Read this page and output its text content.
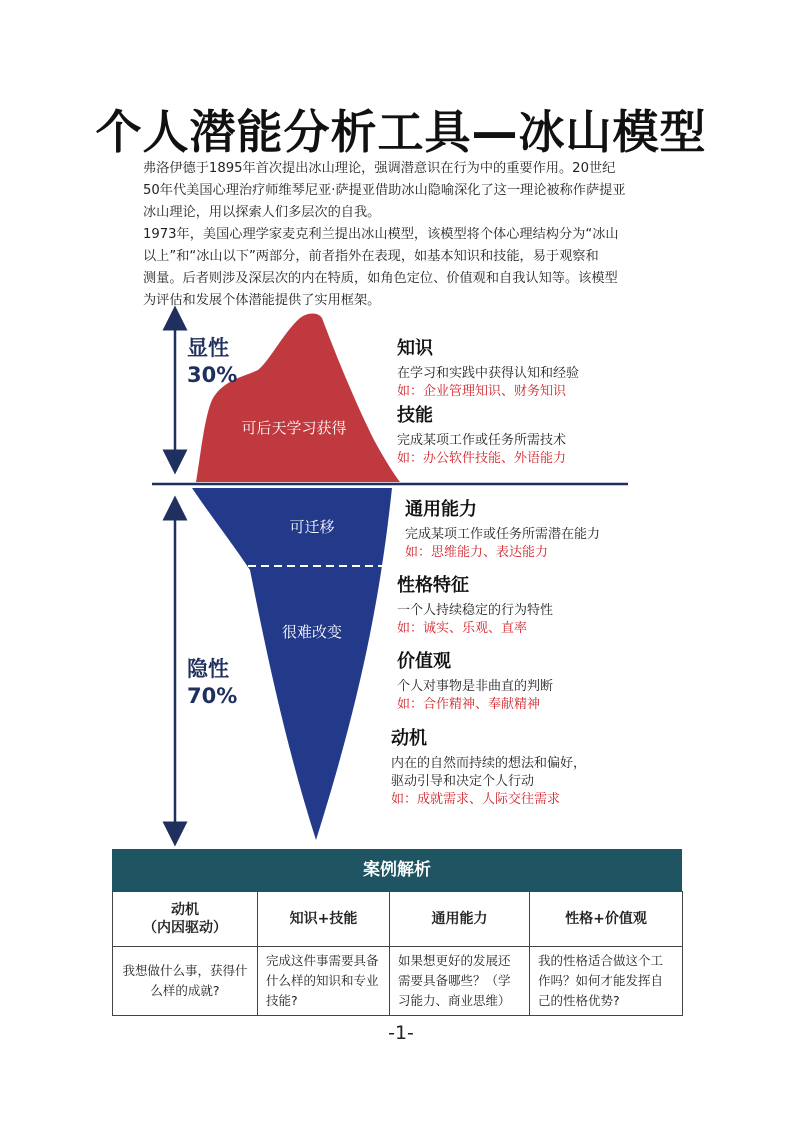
个人潜能分析工具—冰山模型

弗洛伊德于1895年首次提出冰山理论，强调潜意识在行为中的重要作用。20世纪

50年代美国心理治疗师维琴尼亚·萨提亚借助冰山隐喻深化了这一理论被称作萨提亚

冰山理论，用以探索人们多层次的自我。

1973年，美国心理学家麦克利兰提出冰山模型，该模型将个体心理结构分为“冰山

以上”和“冰山以下”两部分，前者指外在表现，如基本知识和技能，易于观察和

测量。后者则涉及深层次的内在特质，如角色定位、价值观和自我认知等。该模型

为评估和发展个体潜能提供了实用框架。

显性
30%
隐性
70%
可后天学习获得
可迁移
很难改变
知识
在学习和实践中获得认知和经验
如：企业管理知识、财务知识
技能
完成某项工作或任务所需技术
如：办公软件技能、外语能力
通用能力
完成某项工作或任务所需潜在能力
如：思维能力、表达能力
性格特征
一个人持续稳定的行为特性
如：诚实、乐观、直率
价值观
个人对事物是非曲直的判断
如：合作精神、奉献精神
动机
内在的自然而持续的想法和偏好，
驱动引导和决定个人行动
如：成就需求、人际交往需求
案例解析
动机
（内因驱动）	知识+技能	通用能力	性格+价值观
我想做什么事，获得什么样的成就?	完成这件事需要具备什么样的知识和专业技能?	如果想更好的发展还需要具备哪些？（学习能力、商业思维）	我的性格适合做这个工作吗？如何才能发挥自己的性格优势?
-1-
